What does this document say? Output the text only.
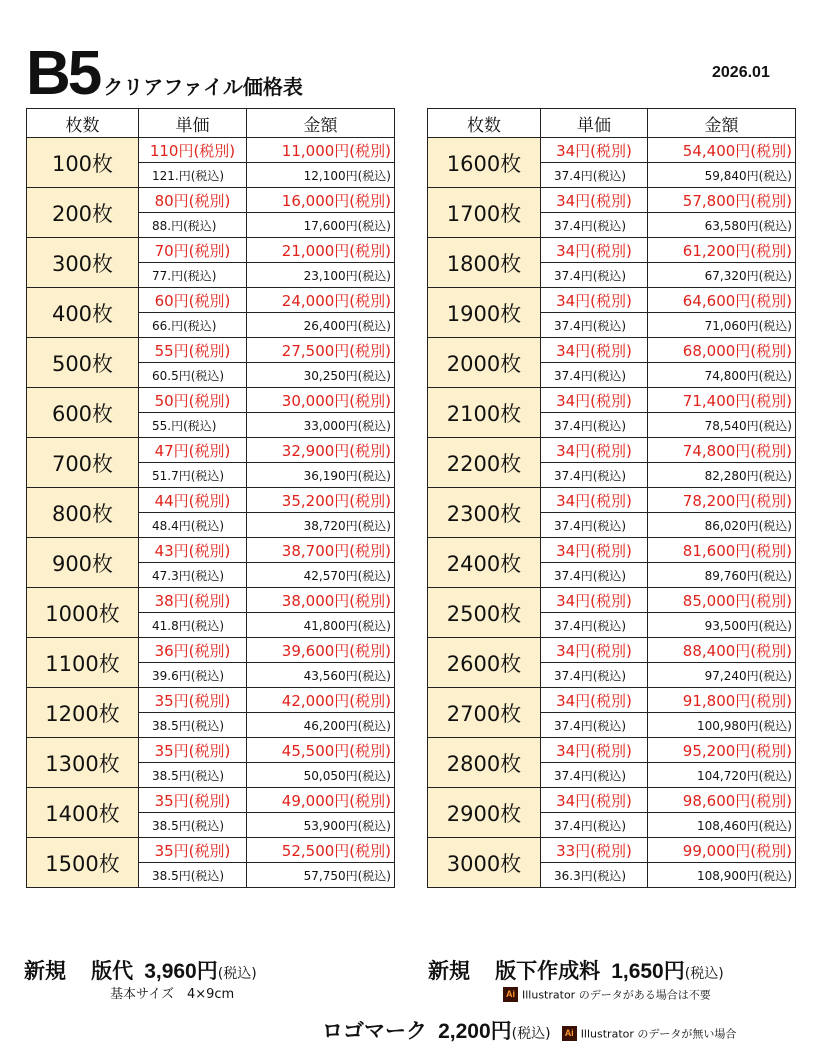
B5 クリアファイル価格表
2026.01
枚数	単価	金額
100枚	110円(税別)	11,000円(税別)
	121.円(税込)	12,100円(税込)
200枚	80円(税別)	16,000円(税別)
	88.円(税込)	17,600円(税込)
300枚	70円(税別)	21,000円(税別)
	77.円(税込)	23,100円(税込)
400枚	60円(税別)	24,000円(税別)
	66.円(税込)	26,400円(税込)
500枚	55円(税別)	27,500円(税別)
	60.5円(税込)	30,250円(税込)
600枚	50円(税別)	30,000円(税別)
	55.円(税込)	33,000円(税込)
700枚	47円(税別)	32,900円(税別)
	51.7円(税込)	36,190円(税込)
800枚	44円(税別)	35,200円(税別)
	48.4円(税込)	38,720円(税込)
900枚	43円(税別)	38,700円(税別)
	47.3円(税込)	42,570円(税込)
1000枚	38円(税別)	38,000円(税別)
	41.8円(税込)	41,800円(税込)
1100枚	36円(税別)	39,600円(税別)
	39.6円(税込)	43,560円(税込)
1200枚	35円(税別)	42,000円(税別)
	38.5円(税込)	46,200円(税込)
1300枚	35円(税別)	45,500円(税別)
	38.5円(税込)	50,050円(税込)
1400枚	35円(税別)	49,000円(税別)
	38.5円(税込)	53,900円(税込)
1500枚	35円(税別)	52,500円(税別)
	38.5円(税込)	57,750円(税込)
枚数	単価	金額
1600枚	34円(税別)	54,400円(税別)
	37.4円(税込)	59,840円(税込)
1700枚	34円(税別)	57,800円(税別)
	37.4円(税込)	63,580円(税込)
1800枚	34円(税別)	61,200円(税別)
	37.4円(税込)	67,320円(税込)
1900枚	34円(税別)	64,600円(税別)
	37.4円(税込)	71,060円(税込)
2000枚	34円(税別)	68,000円(税別)
	37.4円(税込)	74,800円(税込)
2100枚	34円(税別)	71,400円(税別)
	37.4円(税込)	78,540円(税込)
2200枚	34円(税別)	74,800円(税別)
	37.4円(税込)	82,280円(税込)
2300枚	34円(税別)	78,200円(税別)
	37.4円(税込)	86,020円(税込)
2400枚	34円(税別)	81,600円(税別)
	37.4円(税込)	89,760円(税込)
2500枚	34円(税別)	85,000円(税別)
	37.4円(税込)	93,500円(税込)
2600枚	34円(税別)	88,400円(税別)
	37.4円(税込)	97,240円(税込)
2700枚	34円(税別)	91,800円(税別)
	37.4円(税込)	100,980円(税込)
2800枚	34円(税別)	95,200円(税別)
	37.4円(税込)	104,720円(税込)
2900枚	34円(税別)	98,600円(税別)
	37.4円(税込)	108,460円(税込)
3000枚	33円(税別)	99,000円(税別)
	36.3円(税込)	108,900円(税込)
新規 版代 3,960円(税込)
基本サイズ　4×9cm
新規 版下作成料 1,650円(税込)
Ai Illustrator のデータがある場合は不要
ロゴマーク 2,200円(税込) Ai Illustrator のデータが無い場合
